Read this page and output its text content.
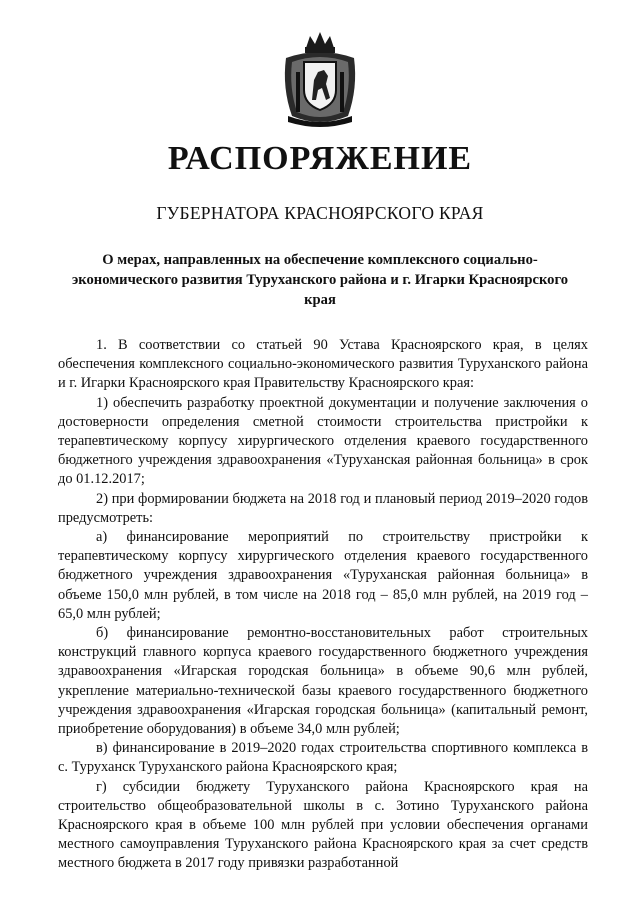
РАСПОРЯЖЕНИЕ
ГУБЕРНАТОРА КРАСНОЯРСКОГО КРАЯ
О мерах, направленных на обеспечение комплексного социально-экономического развития Туруханского района и г. Игарки Красноярского края

1. В соответствии со статьей 90 Устава Красноярского края, в целях обеспечения комплексного социально-экономического развития Туруханского района и г. Игарки Красноярского края Правительству Красноярского края:

1) обеспечить разработку проектной документации и получение заключения о достоверности определения сметной стоимости строительства пристройки к терапевтическому корпусу хирургического отделения краевого государственного бюджетного учреждения здравоохранения «Туруханская районная больница» в срок до 01.12.2017;

2) при формировании бюджета на 2018 год и плановый период 2019–2020 годов предусмотреть:

а) финансирование мероприятий по строительству пристройки к терапевтическому корпусу хирургического отделения краевого государственного бюджетного учреждения здравоохранения «Туруханская районная больница» в объеме 150,0 млн рублей, в том числе на 2018 год – 85,0 млн рублей, на 2019 год – 65,0 млн рублей;

б) финансирование ремонтно-восстановительных работ строительных конструкций главного корпуса краевого государственного бюджетного учреждения здравоохранения «Игарская городская больница» в объеме 90,6 млн рублей, укрепление материально-технической базы краевого государственного бюджетного учреждения здравоохранения «Игарская городская больница» (капитальный ремонт, приобретение оборудования) в объеме 34,0 млн рублей;

в) финансирование в 2019–2020 годах строительства спортивного комплекса в с. Туруханск Туруханского района Красноярского края;

г) субсидии бюджету Туруханского района Красноярского края на строительство общеобразовательной школы в с. Зотино Туруханского района Красноярского края в объеме 100 млн рублей при условии обеспечения органами местного самоуправления Туруханского района Красноярского края за счет средств местного бюджета в 2017 году привязки разработанной
